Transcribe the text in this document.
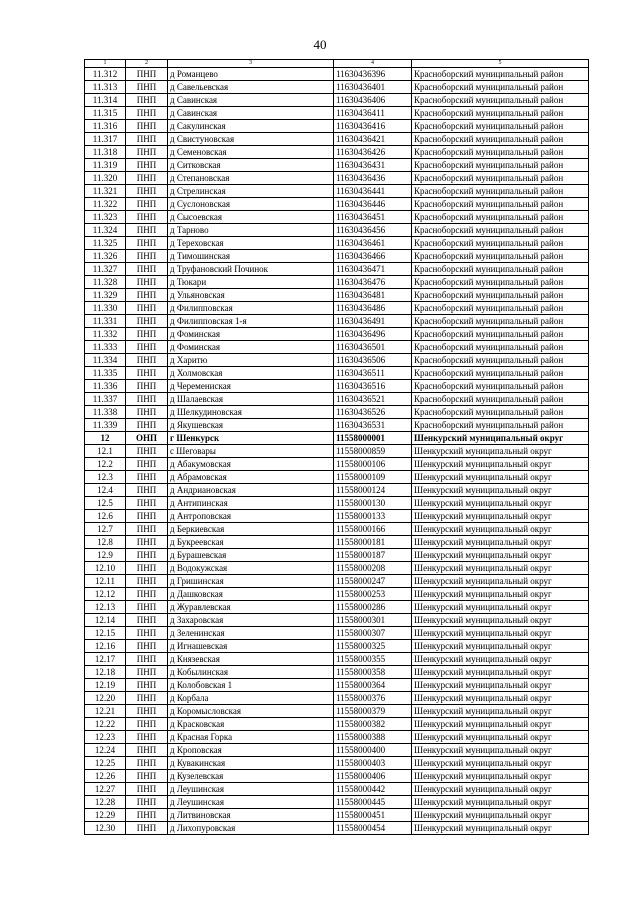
40
1	2	3	4	5
11.312	ПНП	д Романцево	11630436396	Красноборский муниципальный район
11.313	ПНП	д Савельевская	11630436401	Красноборский муниципальный район
11.314	ПНП	д Савинская	11630436406	Красноборский муниципальный район
11.315	ПНП	д Савинская	11630436411	Красноборский муниципальный район
11.316	ПНП	д Сакулинская	11630436416	Красноборский муниципальный район
11.317	ПНП	д Свистуновская	11630436421	Красноборский муниципальный район
11.318	ПНП	д Семеновская	11630436426	Красноборский муниципальный район
11.319	ПНП	д Ситковская	11630436431	Красноборский муниципальный район
11.320	ПНП	д Степановская	11630436436	Красноборский муниципальный район
11.321	ПНП	д Стрелинская	11630436441	Красноборский муниципальный район
11.322	ПНП	д Суслоновская	11630436446	Красноборский муниципальный район
11.323	ПНП	д Сысоевская	11630436451	Красноборский муниципальный район
11.324	ПНП	д Тарново	11630436456	Красноборский муниципальный район
11.325	ПНП	д Тереховская	11630436461	Красноборский муниципальный район
11.326	ПНП	д Тимошинская	11630436466	Красноборский муниципальный район
11.327	ПНП	д Труфановский Починок	11630436471	Красноборский муниципальный район
11.328	ПНП	д Тюкари	11630436476	Красноборский муниципальный район
11.329	ПНП	д Ульяновская	11630436481	Красноборский муниципальный район
11.330	ПНП	д Филипповская	11630436486	Красноборский муниципальный район
11.331	ПНП	д Филипповская 1-я	11630436491	Красноборский муниципальный район
11.332	ПНП	д Фоминская	11630436496	Красноборский муниципальный район
11.333	ПНП	д Фоминская	11630436501	Красноборский муниципальный район
11.334	ПНП	д Харитю	11630436506	Красноборский муниципальный район
11.335	ПНП	д Холмовская	11630436511	Красноборский муниципальный район
11.336	ПНП	д Черемениская	11630436516	Красноборский муниципальный район
11.337	ПНП	д Шалаевская	11630436521	Красноборский муниципальный район
11.338	ПНП	д Шелкудиновская	11630436526	Красноборский муниципальный район
11.339	ПНП	д Якушевская	11630436531	Красноборский муниципальный район
12	ОНП	г Шенкурск	11558000001	Шенкурский муниципальный округ
12.1	ПНП	с Шеговары	11558000859	Шенкурский муниципальный округ
12.2	ПНП	д Абакумовская	11558000106	Шенкурский муниципальный округ
12.3	ПНП	д Абрамовская	11558000109	Шенкурский муниципальный округ
12.4	ПНП	д Андриановская	11558000124	Шенкурский муниципальный округ
12.5	ПНП	д Антипинская	11558000130	Шенкурский муниципальный округ
12.6	ПНП	д Антроповская	11558000133	Шенкурский муниципальный округ
12.7	ПНП	д Беркиевская	11558000166	Шенкурский муниципальный округ
12.8	ПНП	д Букреевская	11558000181	Шенкурский муниципальный округ
12.9	ПНП	д Бурашевская	11558000187	Шенкурский муниципальный округ
12.10	ПНП	д Водокужская	11558000208	Шенкурский муниципальный округ
12.11	ПНП	д Гришинская	11558000247	Шенкурский муниципальный округ
12.12	ПНП	д Дашковская	11558000253	Шенкурский муниципальный округ
12.13	ПНП	д Журавлевская	11558000286	Шенкурский муниципальный округ
12.14	ПНП	д Захаровская	11558000301	Шенкурский муниципальный округ
12.15	ПНП	д Зеленинская	11558000307	Шенкурский муниципальный округ
12.16	ПНП	д Игнашевская	11558000325	Шенкурский муниципальный округ
12.17	ПНП	д Князевская	11558000355	Шенкурский муниципальный округ
12.18	ПНП	д Кобылинская	11558000358	Шенкурский муниципальный округ
12.19	ПНП	д Колобовская 1	11558000364	Шенкурский муниципальный округ
12.20	ПНП	д Корбала	11558000376	Шенкурский муниципальный округ
12.21	ПНП	д Коромысловская	11558000379	Шенкурский муниципальный округ
12.22	ПНП	д Красковская	11558000382	Шенкурский муниципальный округ
12.23	ПНП	д Красная Горка	11558000388	Шенкурский муниципальный округ
12.24	ПНП	д Кроповская	11558000400	Шенкурский муниципальный округ
12.25	ПНП	д Кувакинская	11558000403	Шенкурский муниципальный округ
12.26	ПНП	д Кузелевская	11558000406	Шенкурский муниципальный округ
12.27	ПНП	д Леушинская	11558000442	Шенкурский муниципальный округ
12.28	ПНП	д Леушинская	11558000445	Шенкурский муниципальный округ
12.29	ПНП	д Литвиновская	11558000451	Шенкурский муниципальный округ
12.30	ПНП	д Лихопуровская	11558000454	Шенкурский муниципальный округ
